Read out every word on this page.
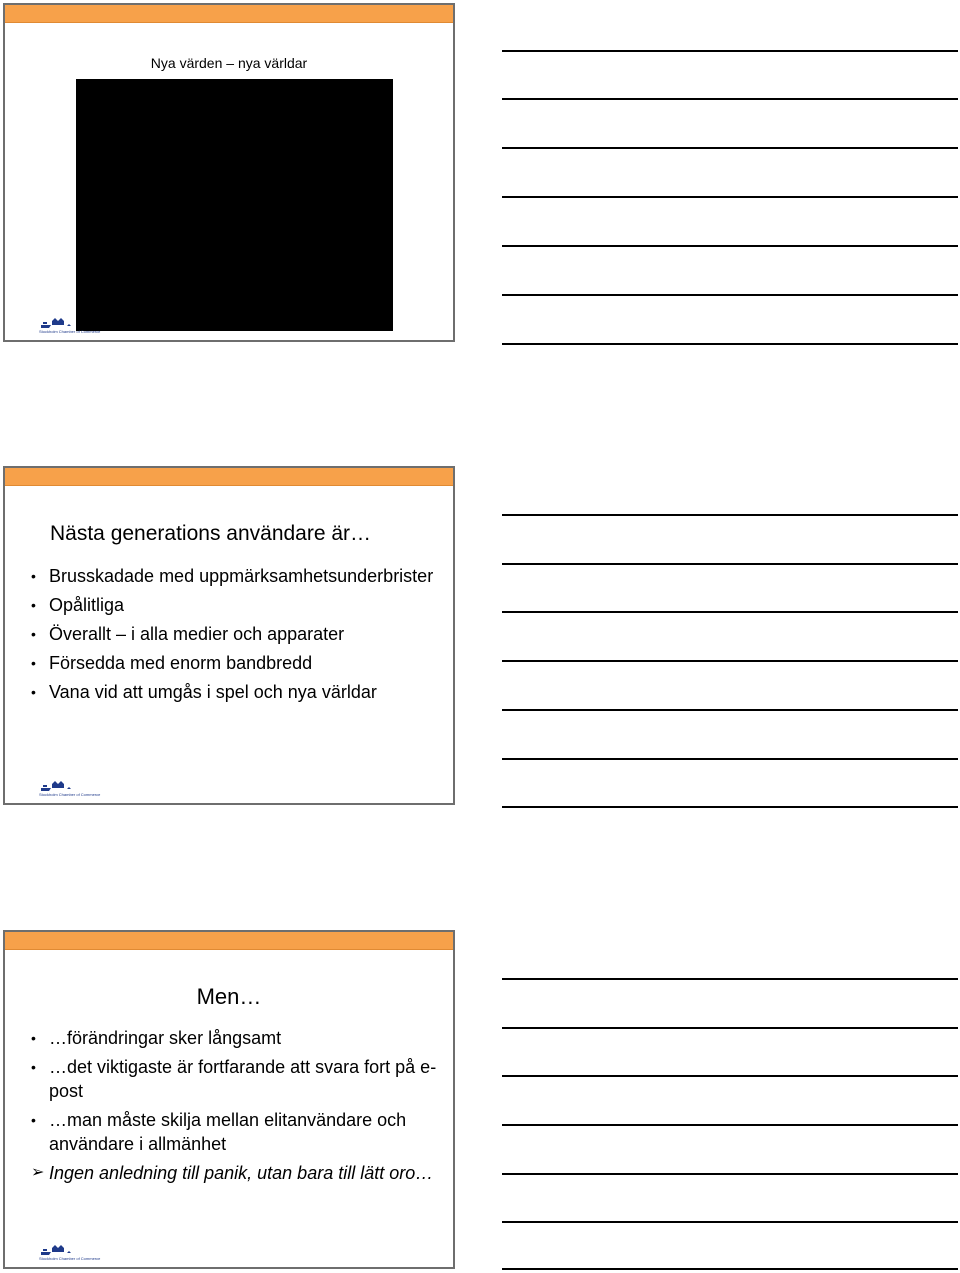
Nya värden – nya världar
Stockholm Chamber of Commerce
Nästa generations användare är…
• Brusskadade med uppmärksamhetsunderbrister
• Opålitliga
• Överallt – i alla medier och apparater
• Försedda med enorm bandbredd
• Vana vid att umgås i spel och nya världar
Stockholm Chamber of Commerce
Men…
• …förändringar sker långsamt
• …det viktigaste är fortfarande att svara fort på e-post
• …man måste skilja mellan elitanvändare och användare i allmänhet
➢ Ingen anledning till panik, utan bara till lätt oro…
Stockholm Chamber of Commerce
